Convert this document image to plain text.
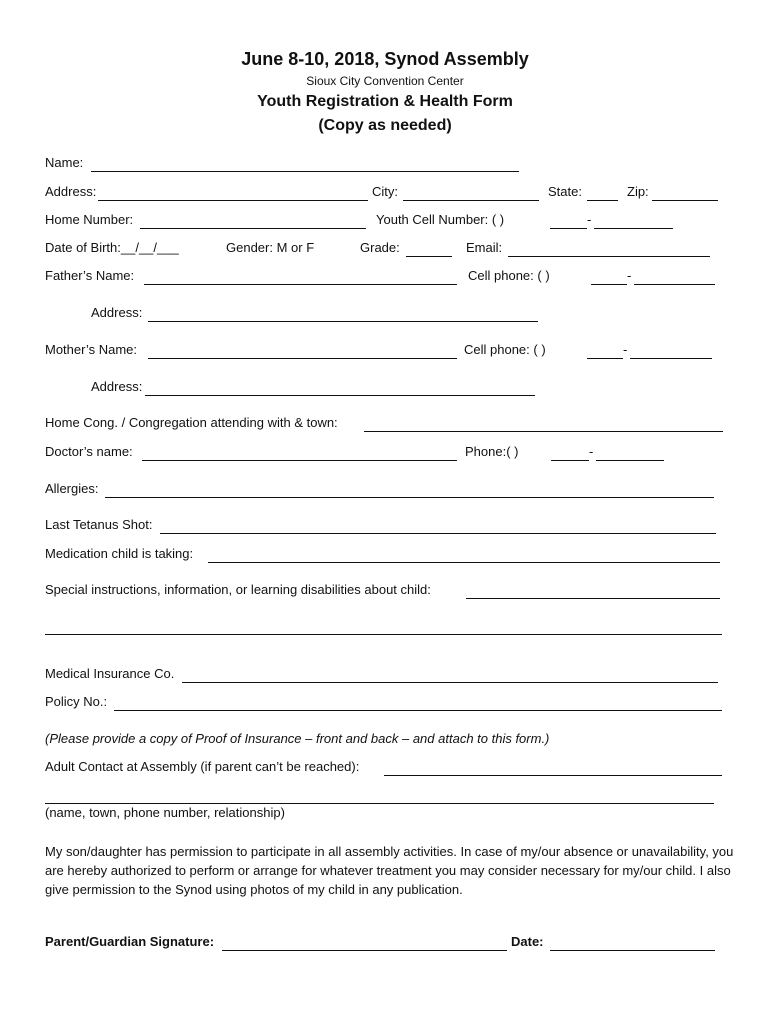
June 8-10, 2018, Synod Assembly
Sioux City Convention Center
Youth Registration & Health Form
(Copy as needed)
Name:
Address:	City:	State:	Zip:
Home Number:	Youth Cell Number: ( )	-
Date of Birth:__/__/___	Gender: M or F	Grade:	Email:
Father’s Name:	Cell phone: ( )	-
Address:
Mother’s Name:	Cell phone: ( )	-
Address:
Home Cong. / Congregation attending with & town:
Doctor’s name:	Phone:( )	-
Allergies:
Last Tetanus Shot:
Medication child is taking:
Special instructions, information, or learning disabilities about child:
Medical Insurance Co.
Policy No.:
(Please provide a copy of Proof of Insurance – front and back – and attach to this form.)
Adult Contact at Assembly (if parent can’t be reached):
(name, town, phone number, relationship)
My son/daughter has permission to participate in all assembly activities. In case of my/our absence or unavailability, you are hereby authorized to perform or arrange for whatever treatment you may consider necessary for my/our child. I also give permission to the Synod using photos of my child in any publication.
Parent/Guardian Signature:	Date:
